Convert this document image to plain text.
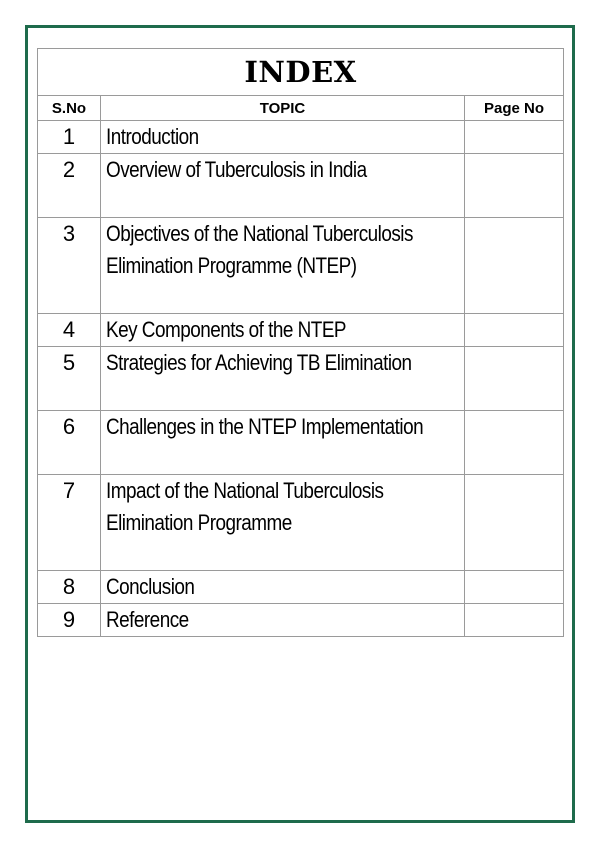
INDEX		
S.No	TOPIC	Page No
1	Introduction	
2	Overview of Tuberculosis in India	
3	Objectives of the National Tuberculosis Elimination Programme (NTEP)	
4	Key Components of the NTEP	
5	Strategies for Achieving TB Elimination	
6	Challenges in the NTEP Implementation	
7	Impact of the National Tuberculosis Elimination Programme	
8	Conclusion	
9	Reference	
